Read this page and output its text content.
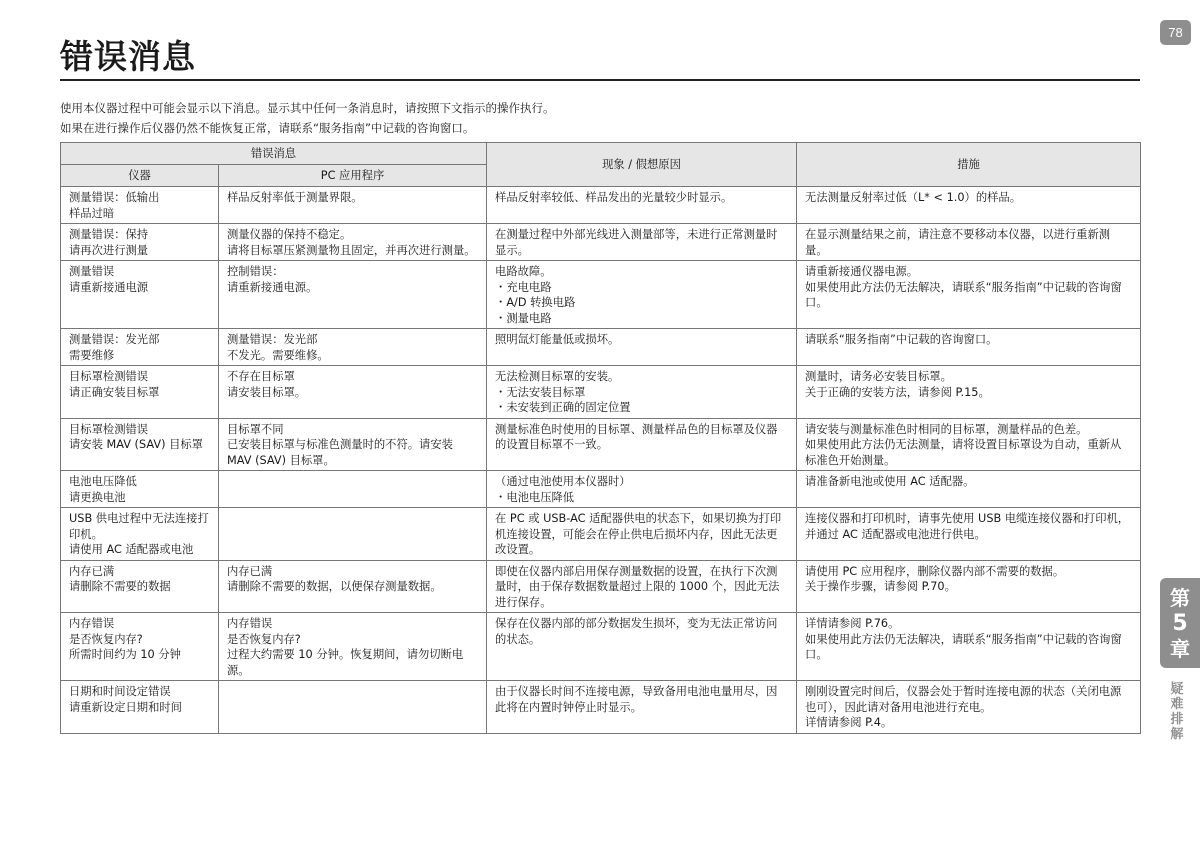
78
错误消息
使用本仪器过程中可能会显示以下消息。显示其中任何一条消息时，请按照下文指示的操作执行。
如果在进行操作后仪器仍然不能恢复正常，请联系“服务指南”中记载的咨询窗口。
错误消息		现象 / 假想原因	措施
仪器	PC 应用程序		

测量错误：低输出
样品过暗	样品反射率低于测量界限。	样品反射率较低、样品发出的光量较少时显示。	无法测量反射率过低（L* < 1.0）的样品。

测量错误：保持
请再次进行测量	测量仪器的保持不稳定。
请将目标罩压紧测量物且固定，并再次进行测量。	在测量过程中外部光线进入测量部等，未进行正常测量时显示。	在显示测量结果之前，请注意不要移动本仪器，以进行重新测量。

测量错误
请重新接通电源	控制错误：
请重新接通电源。	电路故障。
・充电电路
・A/D 转换电路
・测量电路	请重新接通仪器电源。
如果使用此方法仍无法解决，请联系“服务指南”中记载的咨询窗口。

测量错误：发光部
需要维修	测量错误：发光部
不发光。需要维修。	照明氙灯能量低或损坏。	请联系“服务指南”中记载的咨询窗口。

目标罩检测错误
请正确安装目标罩	不存在目标罩
请安装目标罩。	无法检测目标罩的安装。
・无法安装目标罩
・未安装到正确的固定位置	测量时，请务必安装目标罩。
关于正确的安装方法，请参阅 P.15。

目标罩检测错误
请安装 MAV (SAV) 目标罩	目标罩不同
已安装目标罩与标准色测量时的不符。请安装 MAV (SAV) 目标罩。	测量标准色时使用的目标罩、测量样品色的目标罩及仪器的设置目标罩不一致。	请安装与测量标准色时相同的目标罩，测量样品的色差。
如果使用此方法仍无法测量，请将设置目标罩设为自动，重新从标准色开始测量。

电池电压降低
请更换电池		（通过电池使用本仪器时）
・电池电压降低	请准备新电池或使用 AC 适配器。

USB 供电过程中无法连接打印机。
请使用 AC 适配器或电池		在 PC 或 USB-AC 适配器供电的状态下，如果切换为打印机连接设置，可能会在停止供电后损坏内存，因此无法更改设置。	连接仪器和打印机时，请事先使用 USB 电缆连接仪器和打印机，并通过 AC 适配器或电池进行供电。

内存已满
请删除不需要的数据	内存已满
请删除不需要的数据，以便保存测量数据。	即使在仪器内部启用保存测量数据的设置，在执行下次测量时，由于保存数据数量超过上限的 1000 个，因此无法进行保存。	请使用 PC 应用程序，删除仪器内部不需要的数据。
关于操作步骤，请参阅 P.70。

内存错误
是否恢复内存?
所需时间约为 10 分钟	内存错误
是否恢复内存?
过程大约需要 10 分钟。恢复期间，请勿切断电源。	保存在仪器内部的部分数据发生损坏，变为无法正常访问的状态。	详情请参阅 P.76。
如果使用此方法仍无法解决，请联系“服务指南”中记载的咨询窗口。

日期和时间设定错误
请重新设定日期和时间		由于仪器长时间不连接电源，导致备用电池电量用尽，因此将在内置时钟停止时显示。	刚刚设置完时间后，仪器会处于暂时连接电源的状态（关闭电源也可），因此请对备用电池进行充电。
详情请参阅 P.4。
第
5
章
疑
难
排
解
